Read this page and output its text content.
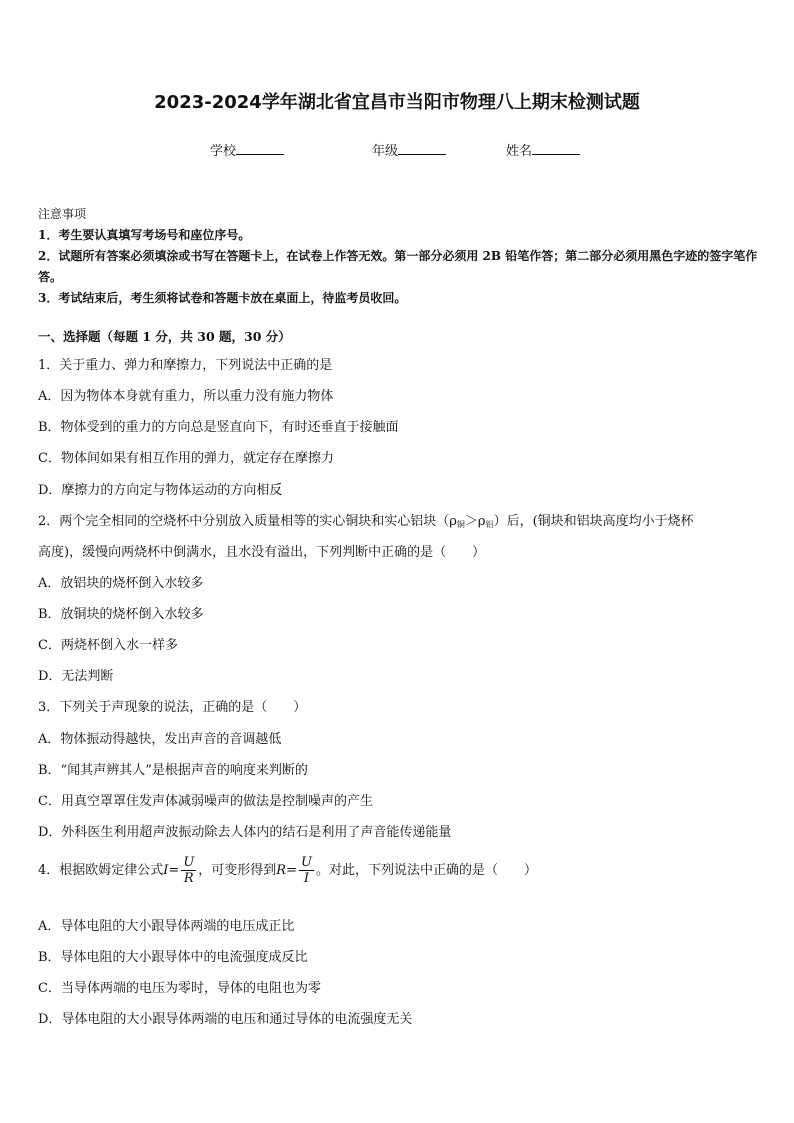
2023-2024学年湖北省宜昌市当阳市物理八上期末检测试题
学校	年级	姓名
注意事项
1．考生要认真填写考场号和座位序号。
2．试题所有答案必须填涂或书写在答题卡上，在试卷上作答无效。第一部分必须用 2B 铅笔作答；第二部分必须用黑色字迹的签字笔作答。
3．考试结束后，考生须将试卷和答题卡放在桌面上，待监考员收回。
一、选择题（每题 1 分，共 30 题，30 分）
1．关于重力、弹力和摩擦力，下列说法中正确的是
A．因为物体本身就有重力，所以重力没有施力物体
B．物体受到的重力的方向总是竖直向下，有时还垂直于接触面
C．物体间如果有相互作用的弹力，就定存在摩擦力
D．摩擦力的方向定与物体运动的方向相反
2．两个完全相同的空烧杯中分别放入质量相等的实心铜块和实心铝块$(\rho_铜>\rho_铝)$后，(铜块和铝块高度均小于烧杯
高度)，缓慢向两烧杯中倒满水，且水没有溢出，下列判断中正确的是（　　）
A．放铝块的烧杯倒入水较多
B．放铜块的烧杯倒入水较多
C．两烧杯倒入水一样多
D．无法判断
3．下列关于声现象的说法，正确的是（　　）
A．物体振动得越快，发出声音的音调越低
B．“闻其声辨其人”是根据声音的响度来判断的
C．用真空罩罩住发声体减弱噪声的做法是控制噪声的产生
D．外科医生利用超声波振动除去人体内的结石是利用了声音能传递能量
4．根据欧姆定律公式$I= \frac{U}{R}$ ，可变形得到$R= \frac{U}{I}$ 。对此，下列说法中正确的是（　　）
A．导体电阻的大小跟导体两端的电压成正比
B．导体电阻的大小跟导体中的电流强度成反比
C．当导体两端的电压为零时，导体的电阻也为零
D．导体电阻的大小跟导体两端的电压和通过导体的电流强度无关
